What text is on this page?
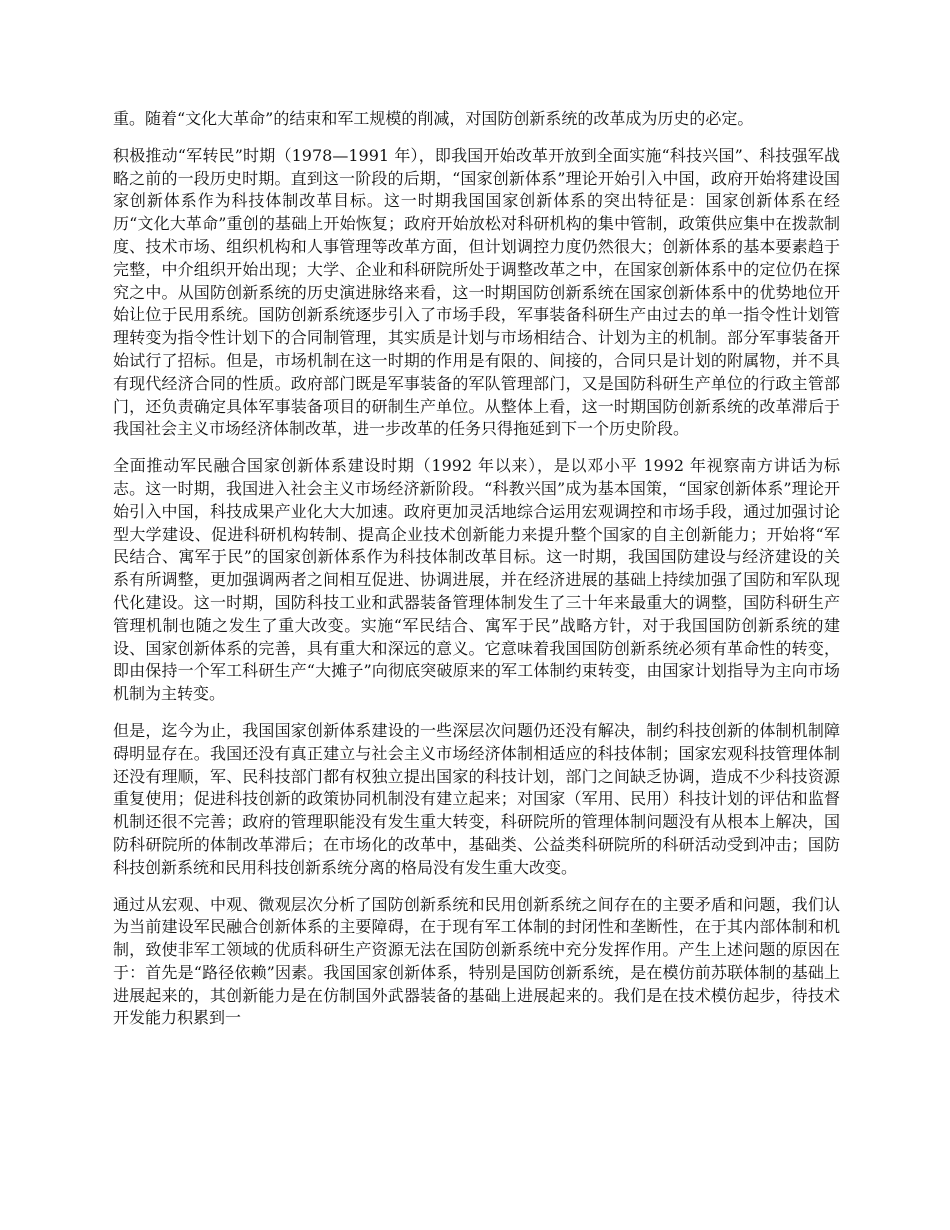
重。随着“文化大革命”的结束和军工规模的削减，对国防创新系统的改革成为历史的必定。

积极推动“军转民”时期（1978—1991 年），即我国开始改革开放到全面实施“科技兴国”、科技强军战略之前的一段历史时期。直到这一阶段的后期，“国家创新体系”理论开始引入中国，政府开始将建设国家创新体系作为科技体制改革目标。这一时期我国国家创新体系的突出特征是：国家创新体系在经历“文化大革命”重创的基础上开始恢复；政府开始放松对科研机构的集中管制，政策供应集中在拨款制度、技术市场、组织机构和人事管理等改革方面，但计划调控力度仍然很大；创新体系的基本要素趋于完整，中介组织开始出现；大学、企业和科研院所处于调整改革之中，在国家创新体系中的定位仍在探究之中。从国防创新系统的历史演进脉络来看，这一时期国防创新系统在国家创新体系中的优势地位开始让位于民用系统。国防创新系统逐步引入了市场手段，军事装备科研生产由过去的单一指令性计划管理转变为指令性计划下的合同制管理，其实质是计划与市场相结合、计划为主的机制。部分军事装备开始试行了招标。但是，市场机制在这一时期的作用是有限的、间接的，合同只是计划的附属物，并不具有现代经济合同的性质。政府部门既是军事装备的军队管理部门，又是国防科研生产单位的行政主管部门，还负责确定具体军事装备项目的研制生产单位。从整体上看，这一时期国防创新系统的改革滞后于我国社会主义市场经济体制改革，进一步改革的任务只得拖延到下一个历史阶段。

全面推动军民融合国家创新体系建设时期（1992 年以来），是以邓小平 1992 年视察南方讲话为标志。这一时期，我国进入社会主义市场经济新阶段。“科教兴国”成为基本国策，“国家创新体系”理论开始引入中国，科技成果产业化大大加速。政府更加灵活地综合运用宏观调控和市场手段，通过加强讨论型大学建设、促进科研机构转制、提高企业技术创新能力来提升整个国家的自主创新能力；开始将“军民结合、寓军于民”的国家创新体系作为科技体制改革目标。这一时期，我国国防建设与经济建设的关系有所调整，更加强调两者之间相互促进、协调进展，并在经济进展的基础上持续加强了国防和军队现代化建设。这一时期，国防科技工业和武器装备管理体制发生了三十年来最重大的调整，国防科研生产管理机制也随之发生了重大改变。实施“军民结合、寓军于民”战略方针，对于我国国防创新系统的建设、国家创新体系的完善，具有重大和深远的意义。它意味着我国国防创新系统必须有革命性的转变，即由保持一个军工科研生产“大摊子”向彻底突破原来的军工体制约束转变，由国家计划指导为主向市场机制为主转变。

但是，迄今为止，我国国家创新体系建设的一些深层次问题仍还没有解决，制约科技创新的体制机制障碍明显存在。我国还没有真正建立与社会主义市场经济体制相适应的科技体制；国家宏观科技管理体制还没有理顺，军、民科技部门都有权独立提出国家的科技计划，部门之间缺乏协调，造成不少科技资源重复使用；促进科技创新的政策协同机制没有建立起来；对国家（军用、民用）科技计划的评估和监督机制还很不完善；政府的管理职能没有发生重大转变，科研院所的管理体制问题没有从根本上解决，国防科研院所的体制改革滞后；在市场化的改革中，基础类、公益类科研院所的科研活动受到冲击；国防科技创新系统和民用科技创新系统分离的格局没有发生重大改变。

通过从宏观、中观、微观层次分析了国防创新系统和民用创新系统之间存在的主要矛盾和问题，我们认为当前建设军民融合创新体系的主要障碍，在于现有军工体制的封闭性和垄断性，在于其内部体制和机制，致使非军工领域的优质科研生产资源无法在国防创新系统中充分发挥作用。产生上述问题的原因在于：首先是“路径依赖”因素。我国国家创新体系，特别是国防创新系统，是在模仿前苏联体制的基础上进展起来的，其创新能力是在仿制国外武器装备的基础上进展起来的。我们是在技术模仿起步，待技术开发能力积累到一
